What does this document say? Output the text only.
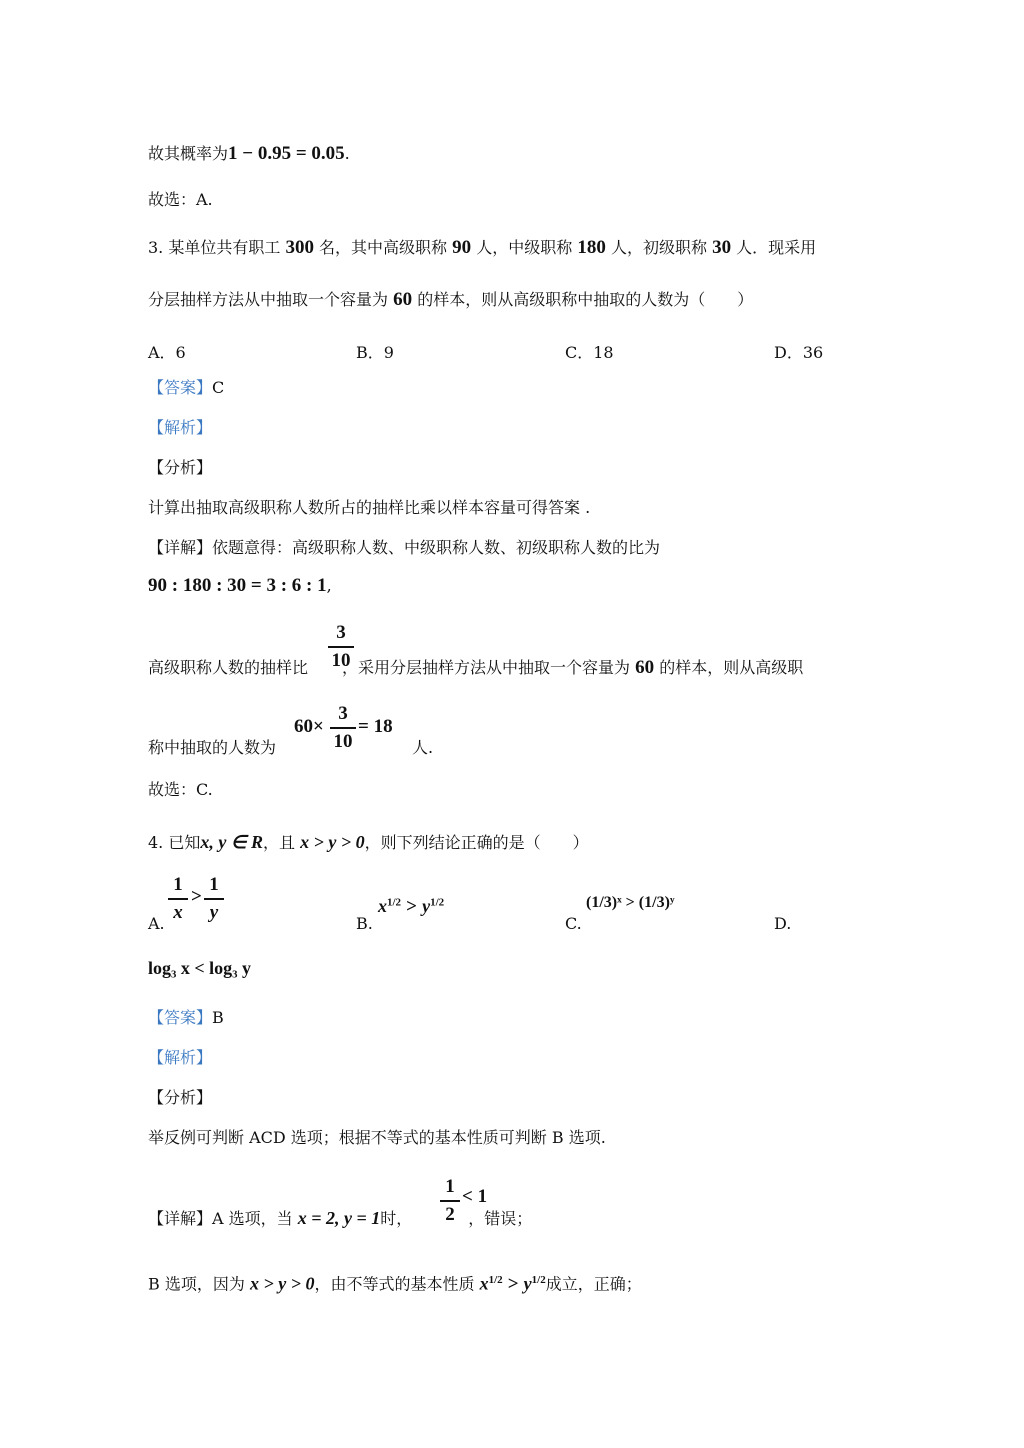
故其概率为1 − 0.95 = 0.05.
故选：A.
3. 某单位共有职工 300 名，其中高级职称 90 人，中级职称 180 人，初级职称 30 人．现采用
分层抽样方法从中抽取一个容量为 60 的样本，则从高级职称中抽取的人数为（　　）
A．6	B．9	C．18	D．36
【答案】C
【解析】
【分析】
计算出抽取高级职称人数所占的抽样比乘以样本容量可得答案 .
【详解】依题意得：高级职称人数、中级职称人数、初级职称人数的比为
90 : 180 : 30 = 3 : 6 : 1,
高级职称人数的抽样比 ，采用分层抽样方法从中抽取一个容量为 60 的样本，则从高级职
3
10
称中抽取的人数为	人.
60×
3
10
= 18
故选：C.
4. 已知x, y ∈ R，且 x > y > 0，则下列结论正确的是（　　）
A.
1
x
>
1
y
B.
$x^{1/2} > y^{1/2}$
C.
(1/3)ˣ > (1/3)ʸ
D.
log₃ x < log₃ y
【答案】B
【解析】
【分析】
举反例可判断 ACD 选项；根据不等式的基本性质可判断 B 选项.
【详解】A 选项，当 x = 2, y = 1时，	，错误；
1
2
< 1
B 选项，因为 x > y > 0，由不等式的基本性质 $x^{1/2} > y^{1/2}$成立，正确；
